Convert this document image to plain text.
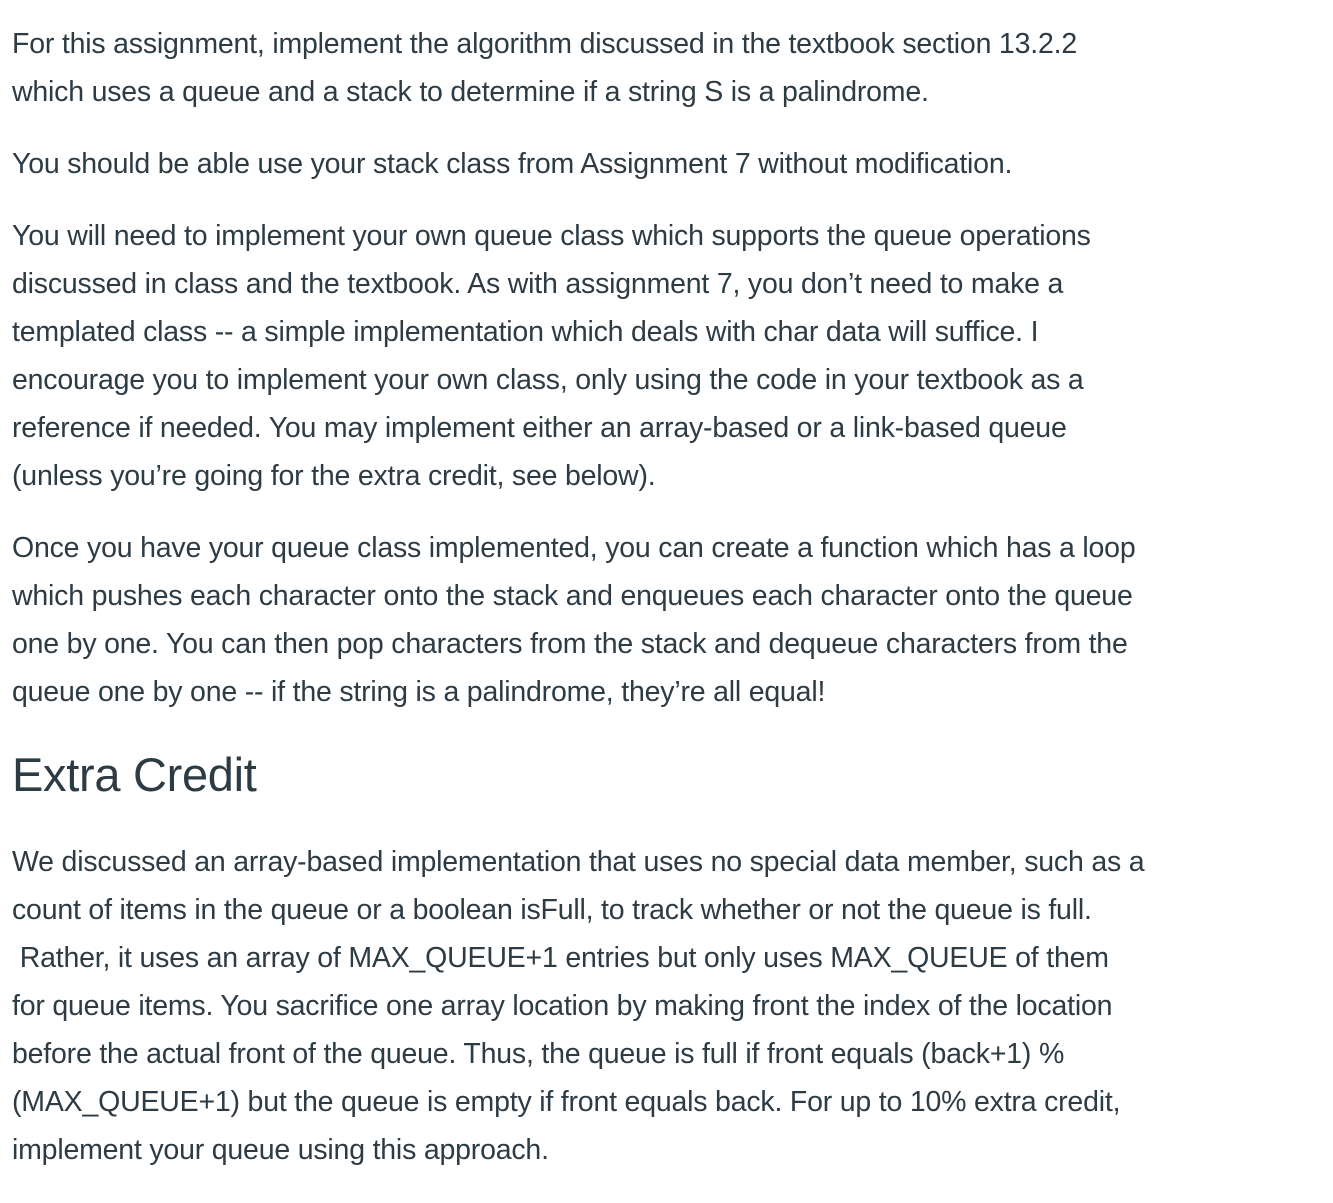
For this assignment, implement the algorithm discussed in the textbook section 13.2.2
which uses a queue and a stack to determine if a string S is a palindrome.

You should be able use your stack class from Assignment 7 without modification.

You will need to implement your own queue class which supports the queue operations
discussed in class and the textbook. As with assignment 7, you don’t need to make a
templated class -- a simple implementation which deals with char data will suffice. I
encourage you to implement your own class, only using the code in your textbook as a
reference if needed. You may implement either an array-based or a link-based queue
(unless you’re going for the extra credit, see below).

Once you have your queue class implemented, you can create a function which has a loop
which pushes each character onto the stack and enqueues each character onto the queue
one by one. You can then pop characters from the stack and dequeue characters from the
queue one by one -- if the string is a palindrome, they’re all equal!

Extra Credit

We discussed an array-based implementation that uses no special data member, such as a
count of items in the queue or a boolean isFull, to track whether or not the queue is full.
Rather, it uses an array of MAX_QUEUE+1 entries but only uses MAX_QUEUE of them
for queue items. You sacrifice one array location by making front the index of the location
before the actual front of the queue. Thus, the queue is full if front equals (back+1) %
(MAX_QUEUE+1) but the queue is empty if front equals back. For up to 10% extra credit,
implement your queue using this approach.
